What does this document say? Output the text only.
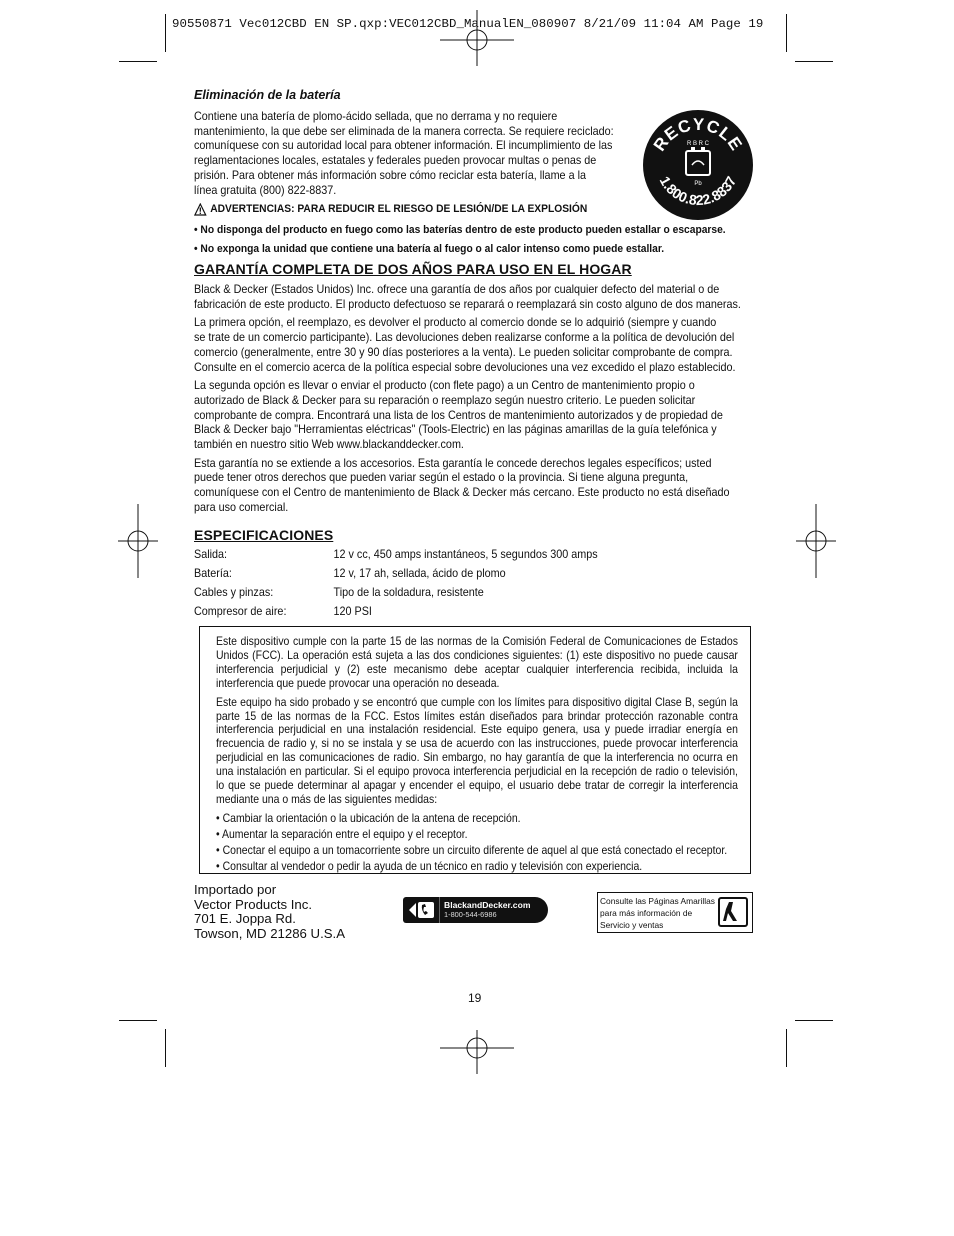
90550871 Vec012CBD EN SP.qxp:VEC012CBD_ManualEN_080907 8/21/09 11:04 AM Page 19
Eliminación de la batería

Contiene una batería de plomo-ácido sellada, que no derrama y no requiere

mantenimiento, la que debe ser eliminada de la manera correcta. Se requiere reciclado:

comuníquese con su autoridad local para obtener información. El incumplimiento de las

reglamentaciones locales, estatales y federales pueden provocar multas o penas de

prisión. Para obtener más información sobre cómo reciclar esta batería, llame a la

línea gratuita (800) 822-8837.

RECYCLE
1.800.822.8837
R B R C
Pb
ADVERTENCIAS: PARA REDUCIR EL RIESGO DE LESIÓN/DE LA EXPLOSIÓN

• No disponga del producto en fuego como las baterías dentro de este producto pueden estallar o escaparse.

• No exponga la unidad que contiene una batería al fuego o al calor intenso como puede estallar.

GARANTÍA COMPLETA DE DOS AÑOS PARA USO EN EL HOGAR

Black & Decker (Estados Unidos) Inc. ofrece una garantía de dos años por cualquier defecto del material o de

fabricación de este producto. El producto defectuoso se reparará o reemplazará sin costo alguno de dos maneras.

La primera opción, el reemplazo, es devolver el producto al comercio donde se lo adquirió (siempre y cuando

se trate de un comercio participante). Las devoluciones deben realizarse conforme a la política de devolución del

comercio (generalmente, entre 30 y 90 días posteriores a la venta). Le pueden solicitar comprobante de compra.

Consulte en el comercio acerca de la política especial sobre devoluciones una vez excedido el plazo establecido.

La segunda opción es llevar o enviar el producto (con flete pago) a un Centro de mantenimiento propio o

autorizado de Black & Decker para su reparación o reemplazo según nuestro criterio. Le pueden solicitar

comprobante de compra. Encontrará una lista de los Centros de mantenimiento autorizados y de propiedad de

Black & Decker bajo "Herramientas eléctricas" (Tools-Electric) en las páginas amarillas de la guía telefónica y

también en nuestro sitio Web www.blackanddecker.com.

Esta garantía no se extiende a los accesorios. Esta garantía le concede derechos legales específicos; usted

puede tener otros derechos que pueden variar según el estado o la provincia. Si tiene alguna pregunta,

comuníquese con el Centro de mantenimiento de Black & Decker más cercano. Este producto no está diseñado

para uso comercial.

ESPECIFICACIONES
Salida:	12 v cc, 450 amps instantáneos, 5 segundos 300 amps
Batería:	12 v, 17 ah, sellada, ácido de plomo
Cables y pinzas:	Tipo de la soldadura, resistente
Compresor de aire:	120 PSI

Este dispositivo cumple con la parte 15 de las normas de la Comisión Federal de Comunicaciones de Estados Unidos (FCC). La operación está sujeta a las dos condiciones siguientes: (1) este dispositivo no puede causar interferencia perjudicial y (2) este mecanismo debe aceptar cualquier interferencia recibida, incluida la interferencia que puede provocar una operación no deseada.

Este equipo ha sido probado y se encontró que cumple con los límites para dispositivo digital Clase B, según la parte 15 de las normas de la FCC. Estos límites están diseñados para brindar protección razonable contra interferencia perjudicial en una instalación residencial. Este equipo genera, usa y puede irradiar energía en frecuencia de radio y, si no se instala y se usa de acuerdo con las instrucciones, puede provocar interferencia perjudicial en las comunicaciones de radio. Sin embargo, no hay garantía de que la interferencia no ocurra en una instalación en particular. Si el equipo provoca interferencia perjudicial en la recepción de radio o televisión, lo que se puede determinar al apagar y encender el equipo, el usuario debe tratar de corregir la interferencia mediante una o más de las siguientes medidas:

• Cambiar la orientación o la ubicación de la antena de recepción.

• Aumentar la separación entre el equipo y el receptor.

• Conectar el equipo a un tomacorriente sobre un circuito diferente de aquel al que está conectado el receptor.

• Consultar al vendedor o pedir la ayuda de un técnico en radio y televisión con experiencia.

Importado por
Vector Products Inc.
701 E. Joppa Rd.
Towson, MD 21286 U.S.A
BlackandDecker.com
1-800-544-6986
Consulte las Páginas Amarillas
para más información de
Servicio y ventas
19
